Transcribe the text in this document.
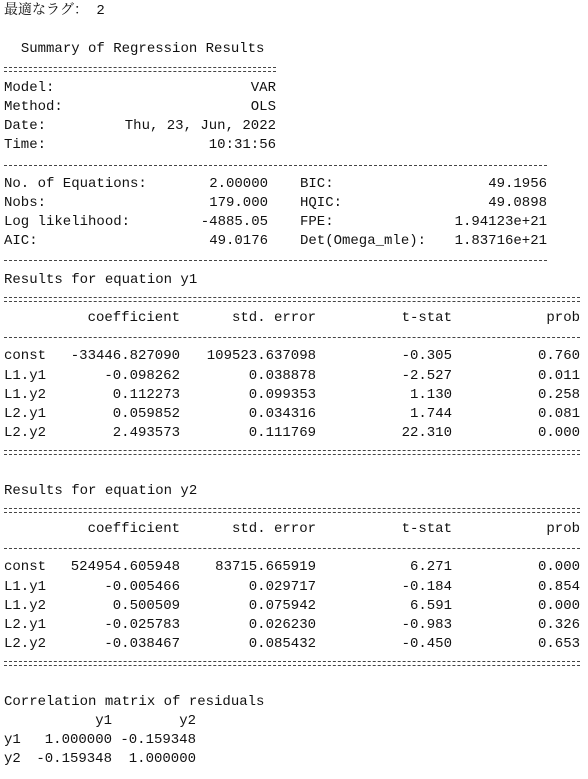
最適なラグ： 2
Summary of Regression Results
Model:	VAR
Method:	OLS
Date:	Thu, 23, Jun, 2022
Time:	10:31:56
No. of Equations:	2.00000 BIC:	49.1956
Nobs:	179.000 HQIC:	49.0898
Log likelihood:	-4885.05 FPE:	1.94123e+21
AIC:	49.0176 Det(Omega_mle): 1.83716e+21
Results for equation y1
coefficient	std. error	t-stat	prob
const -33446.827090 109523.637098	-0.305	0.760
L1.y1	-0.098262	0.038878	-2.527	0.011
L1.y2	0.112273	0.099353	1.130	0.258
L2.y1	0.059852	0.034316	1.744	0.081
L2.y2	2.493573	0.111769	22.310	0.000
Results for equation y2
coefficient	std. error	t-stat	prob
const 524954.605948	83715.665919	6.271	0.000
L1.y1	-0.005466	0.029717	-0.184	0.854
L1.y2	0.500509	0.075942	6.591	0.000
L2.y1	-0.025783	0.026230	-0.983	0.326
L2.y2	-0.038467	0.085432	-0.450	0.653
Correlation matrix of residuals
y1	y2
y1 1.000000 -0.159348
y2 -0.159348 1.000000
